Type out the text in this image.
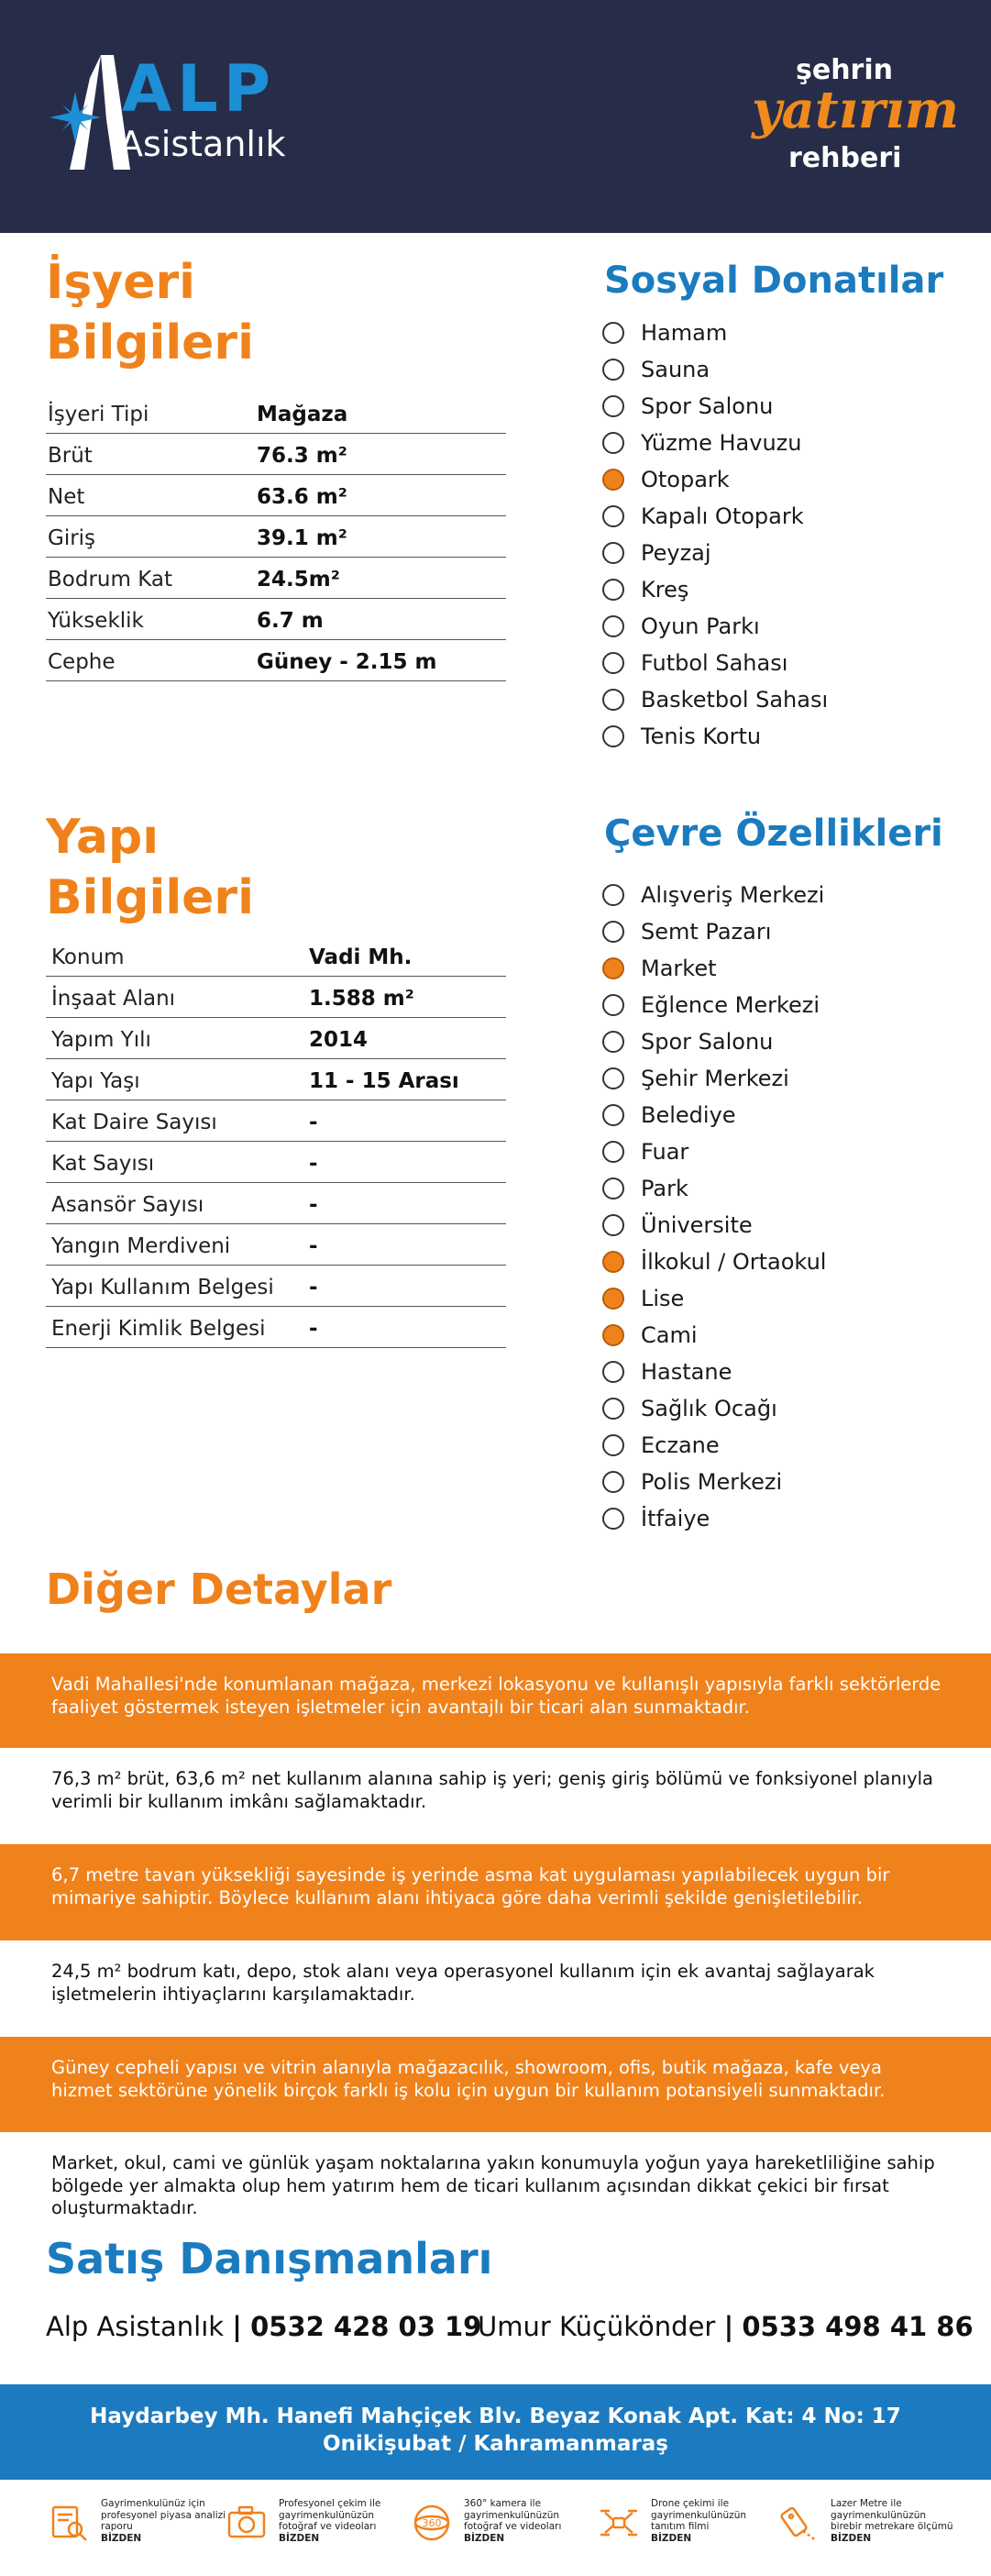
ALP
Asistanlık
şehrin
yatırım
rehberi
İşyeri
Bilgileri
İşyeri Tipi	Mağaza
Brüt	76.3 m²
Net	63.6 m²
Giriş	39.1 m²
Bodrum Kat	24.5m²
Yükseklik	6.7 m
Cephe	Güney - 2.15 m
Sosyal Donatılar
Hamam
Sauna
Spor Salonu
Yüzme Havuzu
Otopark
Kapalı Otopark
Peyzaj
Kreş
Oyun Parkı
Futbol Sahası
Basketbol Sahası
Tenis Kortu
Yapı
Bilgileri
Konum	Vadi Mh.
İnşaat Alanı	1.588 m²
Yapım Yılı	2014
Yapı Yaşı	11 - 15 Arası
Kat Daire Sayısı	-
Kat Sayısı	-
Asansör Sayısı	-
Yangın Merdiveni	-
Yapı Kullanım Belgesi -
Enerji Kimlik Belgesi -
Çevre Özellikleri
Alışveriş Merkezi
Semt Pazarı
Market
Eğlence Merkezi
Spor Salonu
Şehir Merkezi
Belediye
Fuar
Park
Üniversite
İlkokul / Ortaokul
Lise
Cami
Hastane
Sağlık Ocağı
Eczane
Polis Merkezi
İtfaiye
Diğer Detaylar
Vadi Mahallesi'nde konumlanan mağaza, merkezi lokasyonu ve kullanışlı yapısıyla farklı sektörlerde faaliyet göstermek isteyen işletmeler için avantajlı bir ticari alan sunmaktadır.
76,3 m² brüt, 63,6 m² net kullanım alanına sahip iş yeri; geniş giriş bölümü ve fonksiyonel planıyla verimli bir kullanım imkânı sağlamaktadır.
6,7 metre tavan yüksekliği sayesinde iş yerinde asma kat uygulaması yapılabilecek uygun bir mimariye sahiptir. Böylece kullanım alanı ihtiyaca göre daha verimli şekilde genişletilebilir.
24,5 m² bodrum katı, depo, stok alanı veya operasyonel kullanım için ek avantaj sağlayarak işletmelerin ihtiyaçlarını karşılamaktadır.
Güney cepheli yapısı ve vitrin alanıyla mağazacılık, showroom, ofis, butik mağaza, kafe veya hizmet sektörüne yönelik birçok farklı iş kolu için uygun bir kullanım potansiyeli sunmaktadır.
Market, okul, cami ve günlük yaşam noktalarına yakın konumuyla yoğun yaya hareketliliğine sahip bölgede yer almakta olup hem yatırım hem de ticari kullanım açısından dikkat çekici bir fırsat oluşturmaktadır.
Satış Danışmanları
Alp Asistanlık | 0532 428 03 19
Umur Küçükönder | 0533 498 41 86
Haydarbey Mh. Hanefi Mahçiçek Blv. Beyaz Konak Apt. Kat: 4 No: 17
Onikişubat / Kahramanmaraş
Gayrimenkulünüz için profesyonel piyasa analizi raporu
BİZDEN
Profesyonel çekim ile gayrimenkulünüzün fotoğraf ve videoları
BİZDEN
360
360° kamera ile gayrimenkulünüzün fotoğraf ve videoları
BİZDEN
Drone çekimi ile gayrimenkulünüzün tanıtım filmi
BİZDEN
Lazer Metre ile gayrimenkulünüzün birebir metrekare ölçümü
BİZDEN
